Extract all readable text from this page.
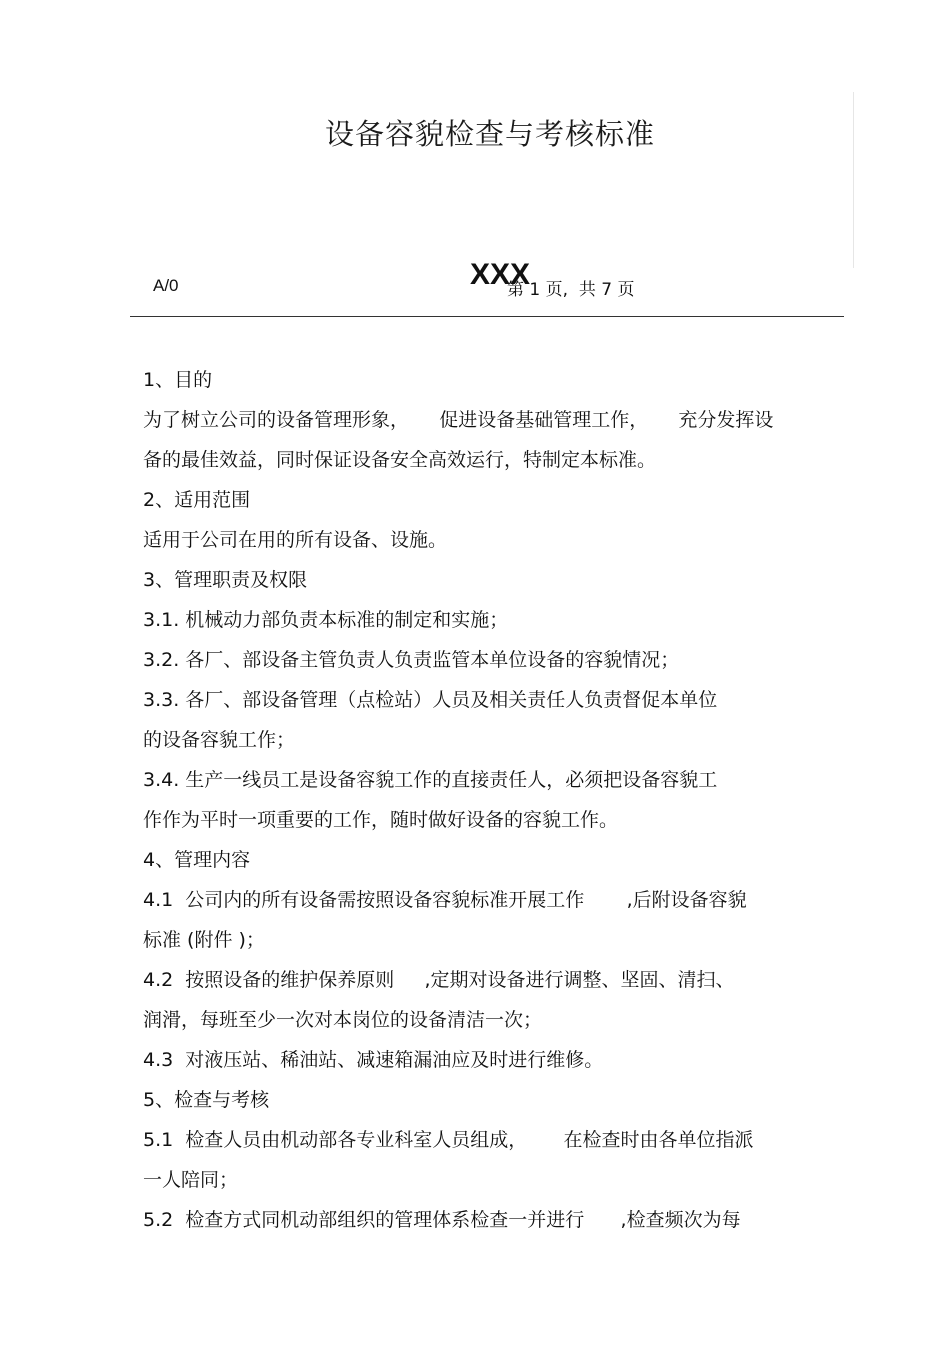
设备容貌检查与考核标准
A/0	XXX
第 1 页,  共 7 页
1、目的
为了树立公司的设备管理形象，     促进设备基础管理工作，     充分发挥设
备的最佳效益，同时保证设备安全高效运行，特制定本标准。
2、适用范围
适用于公司在用的所有设备、设施。
3、管理职责及权限
3.1. 机械动力部负责本标准的制定和实施；
3.2. 各厂、部设备主管负责人负责监管本单位设备的容貌情况；
3.3. 各厂、部设备管理（点检站）人员及相关责任人负责督促本单位
的设备容貌工作；
3.4. 生产一线员工是设备容貌工作的直接责任人，必须把设备容貌工
作作为平时一项重要的工作，随时做好设备的容貌工作。
4、管理内容
4.1  公司内的所有设备需按照设备容貌标准开展工作       ,后附设备容貌
标准 (附件 )；
4.2  按照设备的维护保养原则     ,定期对设备进行调整、坚固、清扫、
润滑，每班至少一次对本岗位的设备清洁一次；
4.3  对液压站、稀油站、减速箱漏油应及时进行维修。
5、检查与考核
5.1  检查人员由机动部各专业科室人员组成，      在检查时由各单位指派
一人陪同；
5.2  检查方式同机动部组织的管理体系检查一并进行      ,检查频次为每
